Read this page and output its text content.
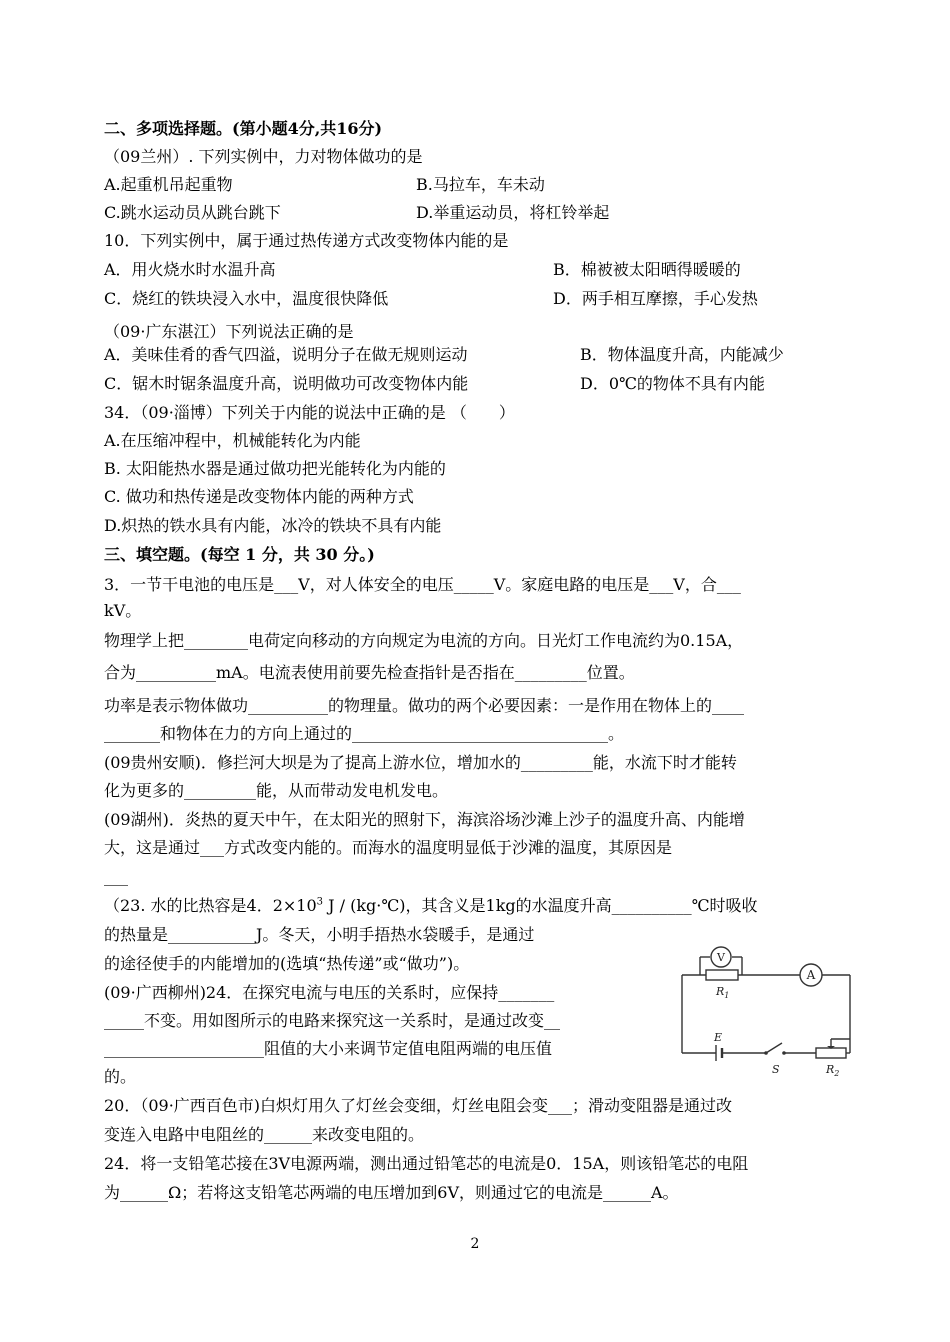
二、多项选择题。(第小题4分,共16分)
（09兰州）. 下列实例中，力对物体做功的是
A.起重机吊起重物	B.马拉车，车未动
C.跳水运动员从跳台跳下	D.举重运动员，将杠铃举起
10．下列实例中，属于通过热传递方式改变物体内能的是
A．用火烧水时水温升高	B．棉被被太阳晒得暖暖的
C．烧红的铁块浸入水中，温度很快降低	D．两手相互摩擦，手心发热
（09·广东湛江）下列说法正确的是
A．美味佳肴的香气四溢，说明分子在做无规则运动	B．物体温度升高，内能减少
C．锯木时锯条温度升高，说明做功可改变物体内能	D．0℃的物体不具有内能
34．（09·淄博）下列关于内能的说法中正确的是 （　　）
A.在压缩冲程中，机械能转化为内能
B. 太阳能热水器是通过做功把光能转化为内能的
C. 做功和热传递是改变物体内能的两种方式
D.炽热的铁水具有内能，冰冷的铁块不具有内能
三、填空题。(每空 1 分，共 30 分。)
3．一节干电池的电压是___V，对人体安全的电压_____V。家庭电路的电压是___V，合___
kV。
物理学上把________电荷定向移动的方向规定为电流的方向。日光灯工作电流约为0.15A，
合为__________mA。电流表使用前要先检查指针是否指在_________位置。
功率是表示物体做功__________的物理量。做功的两个必要因素：一是作用在物体上的____
_______和物体在力的方向上通过的________________________________。
(09贵州安顺)．修拦河大坝是为了提高上游水位，增加水的_________能，水流下时才能转
化为更多的_________能，从而带动发电机发电。
(09湖州)．炎热的夏天中午，在太阳光的照射下，海滨浴场沙滩上沙子的温度升高、内能增
大，这是通过___方式改变内能的。而海水的温度明显低于沙滩的温度，其原因是
___
（23. 水的比热容是4．$2\times 10^3$ J / (kg·℃)，其含义是1kg的水温度升高__________℃时吸收
的热量是___________J。冬天，小明手捂热水袋暖手，是通过
的途径使手的内能增加的(选填“热传递”或“做功”)。
(09·广西柳州)24．在探究电流与电压的关系时，应保持_______
_____不变。用如图所示的电路来探究这一关系时，是通过改变__
____________________阻值的大小来调节定值电阻两端的电压值
的。
20．（09·广西百色市)白炽灯用久了灯丝会变细，灯丝电阻会变___；滑动变阻器是通过改
变连入电路中电阻丝的______来改变电阻的。
24．将一支铅笔芯接在3V电源两端，测出通过铅笔芯的电流是0．15A，则该铅笔芯的电阻
为______Ω；若将这支铅笔芯两端的电压增加到6V，则通过它的电流是______A。
V
A
$R_1$
E
S	$R_2$
2
